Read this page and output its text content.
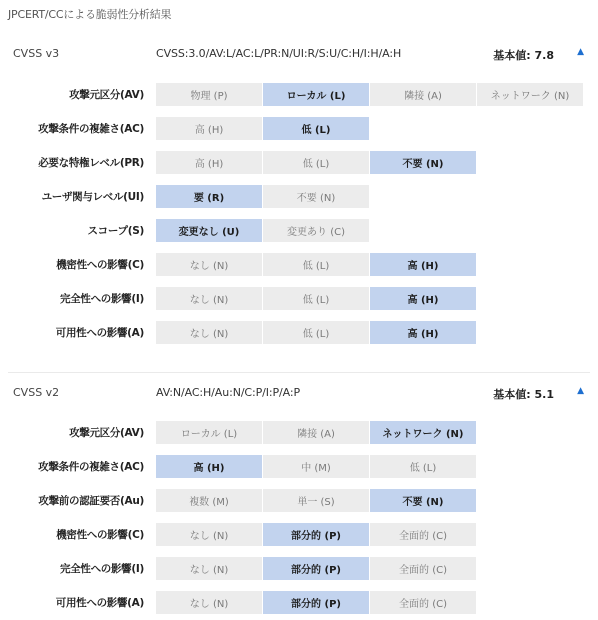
JPCERT/CCによる脆弱性分析結果
CVSS v3	CVSS:3.0/AV:L/AC:L/PR:N/UI:R/S:U/C:H/I:H/A:H	基本値: 7.8	▲
攻撃元区分(AV)	物理 (P)	ローカル (L)	隣接 (A)	ネットワーク (N)
攻撃条件の複雑さ(AC)	高 (H)	低 (L)
必要な特権レベル(PR)	高 (H)	低 (L)	不要 (N)
ユーザ関与レベル(UI)	要 (R)	不要 (N)
スコープ(S)	変更なし (U)	変更あり (C)
機密性への影響(C)	なし (N)	低 (L)	高 (H)
完全性への影響(I)	なし (N)	低 (L)	高 (H)
可用性への影響(A)	なし (N)	低 (L)	高 (H)
CVSS v2	AV:N/AC:H/Au:N/C:P/I:P/A:P	基本値: 5.1	▲
攻撃元区分(AV)	ローカル (L)	隣接 (A)	ネットワーク (N)
攻撃条件の複雑さ(AC)	高 (H)	中 (M)	低 (L)
攻撃前の認証要否(Au)	複数 (M)	単一 (S)	不要 (N)
機密性への影響(C)	なし (N)	部分的 (P)	全面的 (C)
完全性への影響(I)	なし (N)	部分的 (P)	全面的 (C)
可用性への影響(A)	なし (N)	部分的 (P)	全面的 (C)
